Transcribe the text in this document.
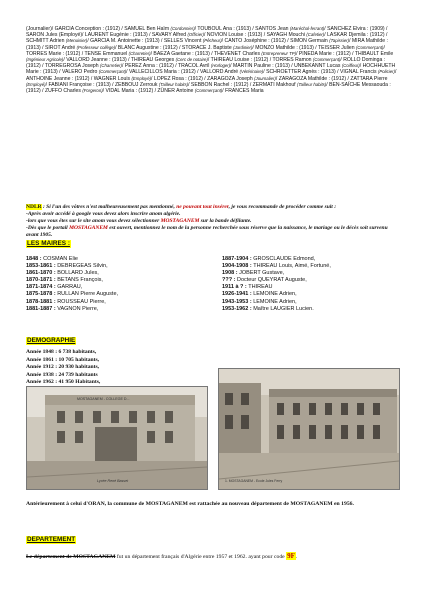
(Journalier)/ GARCIA Conception : (1912) / SAMUEL Ben Haïm (Cordonnier)/ TOUBOUL Ana : (1913) / SANTOS Jean (Maréchal-ferrant)/ SANCHEZ Elvira : (1909) / SARON Jules (Employé)/ LAURENT Eugénie : (1913) / SAVARY Alfred (Officier)/ NOVION Louise : (1913) / SAYAGH Mouchi (Cafetier)/ LASKAR Djemila : (1912) / SCHMITT Adrien (Menuisier)/ GARCIA M. Antoinette : (1913) / SELLES Vincent (Pêcheur)/ CANTO Joséphine : (1912) / SIMON Germain (Tapissier)/ MIRA Mathilde : (1913) / SIROT André (Professeur collège)/ BLANC Augustine : (1912) / STORACE J. Baptiste (Jardinier)/ MONZO Mathilde : (1913) / TEISSER Julien (Commerçant)/ TORRES Marie : (1912) / TENSE Emmanuel (Charretier)/ BAEZA Gaetane : (1913) / THEVENET Charles (Entrepreneur TP)/ PINEDA Marie : (1912) / THIBAULT Emile (Ingénieur Agricole)/ VALLORD Jeanne : (1913) / THIREAU Georges (Cerc de notaire)/ THIREAU Louise : (1912) / TORRES Ramon (Commerçant)/ ROLLO Dominga : (1912) / TORREGROSA Joseph (Charretier)/ PEREZ Anna : (1912) / TRACOL Avril (Horloger)/ MARTIN Pauline : (1913) / UNBEKANNT Lucas (Coiffeur)/ HOCHHUETH Marie : (1913) / VALERO Pedro (Commerçant)/ VALLECILLOS Maria : (1912) / VALLORD André (Vétérinaire)/ SCHROETTER Agnès : (1913) / VIGNAL Francis (Policier)/ ANTHOINE Jeanne : (1912) / WAGNER Louis (Employé)/ LOPEZ Rosa : (1912) / ZARAGOZA Joseph (Journalier)/ ZARAGOZA Mathilde : (1912) / ZATTARA Pierre (Employé)/ FABIANI Françoise : (1913) / ZEBBOUJ Zerrouk (Tailleur habits)/ SEBBON Rachel : (1912) / ZERMATI Makhouf (Tailleur habits)/ BEN-SAÏCHE Messaouda : (1912) / ZUFFO Charles (Forgeron)/ VIDAL Maria : (1912) / ZÜNER Antoine (Commerçant)/ FRANCES Maria
NDLR : Si l'un des vôtres n'est malheureusement pas mentionné, ne pouvant tout insérer, je vous recommande de procéder comme suit :
-Après avoir accédé à google vous devez alors inscrire anom algérie.
-lors que vous êtes sur le site anom vous devez sélectionner MOSTAGANEM sur la bande défilante.
-Dès que le portail MOSTAGANEM est ouvert, mentionnez le nom de la personne recherchée sous réserve que la naissance, le mariage ou le décès soit survenu avant 1905.
LES MAIRES :
1848 : COSMAN Elie
1853-1861 : DEBREGEAS Silvin,
1861-1870 : BOLLARD Jules,
1870-1871 : BETANS François,
1871-1874 : GARRAU,
1875-1878 : RULLAN Pierre Auguste,
1878-1881 : ROUSSEAU Pierre,
1881-1887 : VAGNON Pierre,
1887-1904 : GROSCLAUDE Edmond,
1904-1908 : THIREAU Louis, Aimé, Fortuné,
1908 : JOBERT Gustave,
??? : Docteur QUEYRAT Auguste,
1911 à ? : THIREAU
1926-1941 : LEMOINE Adrien,
1943-1953 : LEMOINE Adrien,
1953-1962 : Maître LAUGIER Lucien.
DEMOGRAPHIE
Année 1848 : 6 738 habitants,
Année 1861 : 10 705 habitants,
Année 1912 : 20 930 habitants,
Année 1938 : 24 739 habitants
Année 1962 : 41 950 Habitants,
MOSTAGANEM - COLLEGE D...
Lycée René Basset	1. MOSTAGANEM - Ecole Jules Ferry
Antérieurement à celui d'ORAN, la commune de MOSTAGANEM est rattachée au nouveau département de MOSTAGANEM en 1956.
DEPARTEMENT
Le département de MOSTAGANEM fut un département français d'Algérie entre 1957 et 1962. ayant pour code 9F.
